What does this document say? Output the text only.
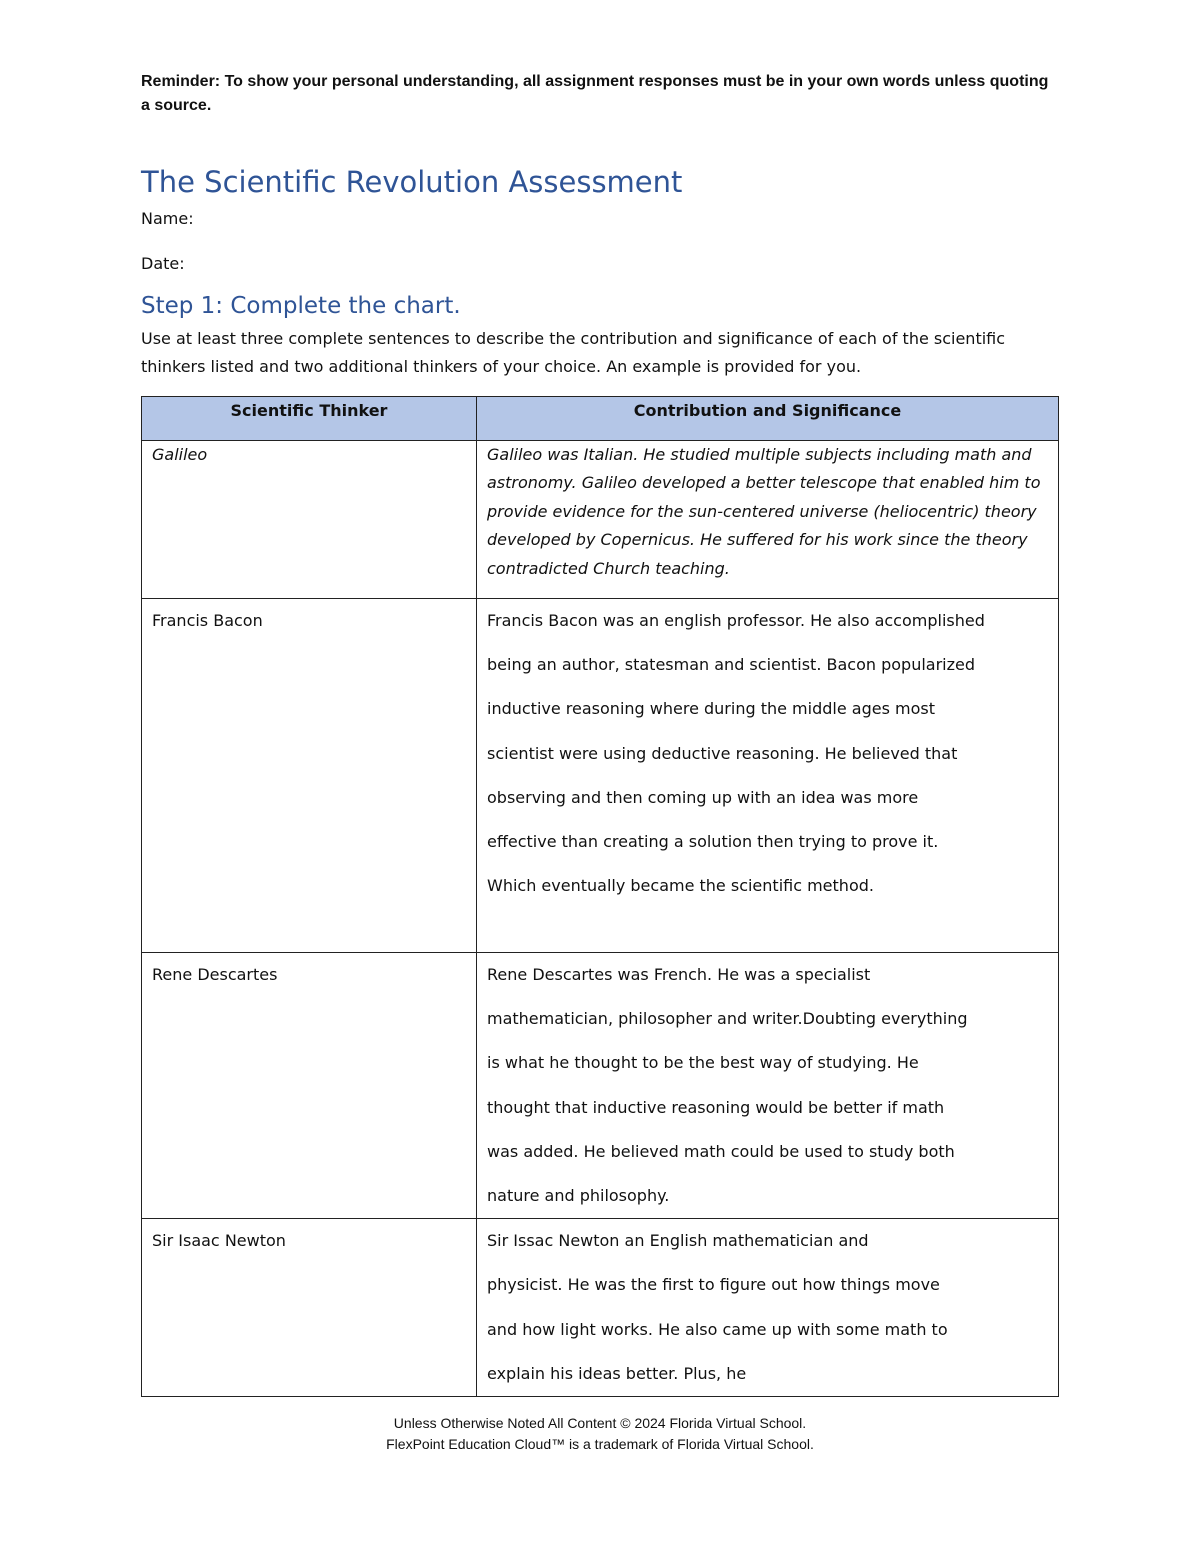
Reminder: To show your personal understanding, all assignment responses must be in your own words unless quoting a source.
The Scientific Revolution Assessment
Name:
Date:
Step 1: Complete the chart.
Use at least three complete sentences to describe the contribution and significance of each of the scientific thinkers listed and two additional thinkers of your choice. An example is provided for you.
Scientific Thinker	Contribution and Significance
Galileo	Galileo was Italian. He studied multiple subjects including math and astronomy. Galileo developed a better telescope that enabled him to provide evidence for the sun-centered universe (heliocentric) theory developed by Copernicus. He suffered for his work since the theory contradicted Church teaching.
Francis Bacon	Francis Bacon was an english professor. He also accomplished being an author, statesman and scientist. Bacon popularized inductive reasoning where during the middle ages most scientist were using deductive reasoning. He believed that observing and then coming up with an idea was more effective than creating a solution then trying to prove it. Which eventually became the scientific method.
Rene Descartes	Rene Descartes was French. He was a specialist mathematician, philosopher and writer.Doubting everything is what he thought to be the best way of studying. He thought that inductive reasoning would be better if math was added. He believed math could be used to study both nature and philosophy.
Sir Isaac Newton	Sir Issac Newton an English mathematician and physicist. He was the first to figure out how things move and how light works. He also came up with some math to explain his ideas better. Plus, he
Unless Otherwise Noted All Content © 2024 Florida Virtual School.
FlexPoint Education Cloud™ is a trademark of Florida Virtual School.
